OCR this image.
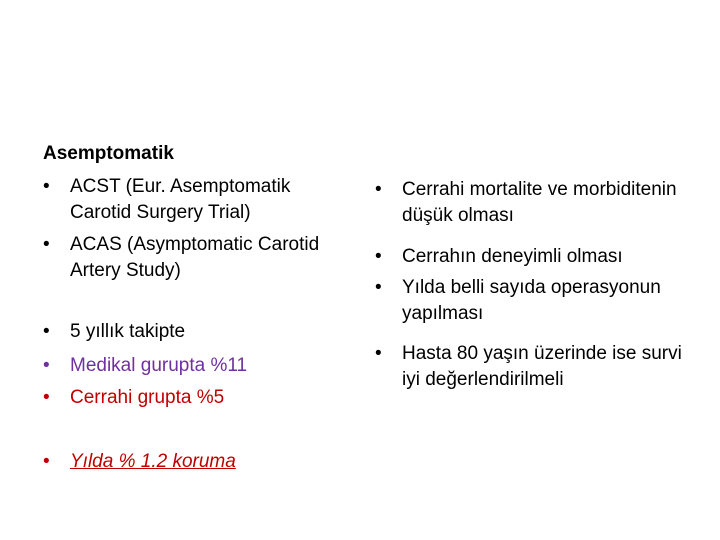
Asemptomatik
•	ACST (Eur. Asemptomatik Carotid Surgery Trial)
•	ACAS (Asymptomatic Carotid Artery Study)
•	5 yıllık takipte
•	Medikal gurupta %11
•	Cerrahi grupta %5
•	Yılda % 1.2 koruma
•	Cerrahi mortalite ve morbiditenin düşük olması
•	Cerrahın deneyimli olması
•	Yılda belli sayıda operasyonun yapılması
•	Hasta 80 yaşın üzerinde ise survi iyi değerlendirilmeli
